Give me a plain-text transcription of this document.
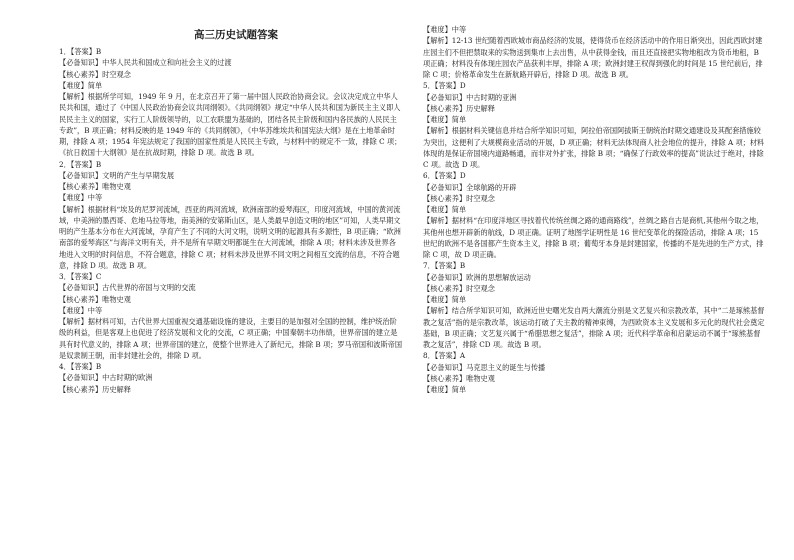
高三历史试题答案

1．【答案】B

【必备知识】中华人民共和国成立和向社会主义的过渡

【核心素养】时空观念

【难度】简单

【解析】根据所学可知，1949 年 9 月，在北京召开了第一届中国人民政治协商会议。会议决定成立中华人民共和国，通过了《中国人民政治协商会议共同纲领》。《共同纲领》规定“中华人民共和国为新民主主义即人民民主主义的国家，实行工人阶级领导的，以工农联盟为基础的，团结各民主阶级和国内各民族的人民民主专政”，B 项正确；材料反映的是 1949 年的《共同纲领》，《中华苏维埃共和国宪法大纲》是在土地革命时期，排除 A 项；1954 年宪法规定了我国的国家性质是人民民主专政，与材料中的规定不一致，排除 C 项；《抗日救国十大纲领》是在抗战时期，排除 D 项。故选 B 项。

2．【答案】B

【必备知识】文明的产生与早期发展

【核心素养】唯物史观

【难度】中等

【解析】根据材料“埃及的尼罗河流域，西亚的两河流域，欧洲南部的爱琴海区，印度河流域，中国的黄河流域，中美洲的墨西哥、危地马拉等地，南美洲的安第斯山区，是人类最早创造文明的地区”可知，人类早期文明的产生基本分布在大河流域，孕育产生了不同的大河文明，说明文明的起源具有多源性，B 项正确；“欧洲南部的爱琴海区”与海洋文明有关，并不是所有早期文明都诞生在大河流域，排除 A 项；材料未涉及世界各地进入文明的时间信息，不符合题意，排除 C 项；材料未涉及世界不同文明之间相互交流的信息，不符合题意，排除 D 项。故选 B 项。

3．【答案】C

【必备知识】古代世界的帝国与文明的交流

【核心素养】唯物史观

【难度】中等

【解析】据材料可知，古代世界大国重视交通基础设施的建设，主要目的是加强对全国的控制，维护统治阶级的利益，但是客观上也促进了经济发展和文化的交流，C 项正确；中国秦朝丰功伟绩，世界帝国的建立是具有时代意义的，排除 A 项；世界帝国的建立，使整个世界进入了新纪元，排除 B 项；罗马帝国和波斯帝国是奴隶制王朝，而非封建社会的，排除 D 项。

4．【答案】B

【必备知识】中古时期的欧洲

【核心素养】历史解释

【难度】中等

【解析】12-13 世纪随着西欧城市商品经济的发展，使得货币在经济活动中的作用日渐突出，因此西欧封建庄园主们不但把禁取来的实物送到集市上去出售，从中获得金钱，而且还直接把实物地租改为货币地租，B 项正确；材料没有体现庄园农产品获利丰厚，排除 A 项；欧洲封建王权得到强化的时间是 15 世纪前后，排除 C 项；价格革命发生在新航路开辟后，排除 D 项。故选 B 项。

5．【答案】D

【必备知识】中古时期的亚洲

【核心素养】历史解释

【难度】简单

【解析】根据材料关键信息并结合所学知识可知，阿拉伯帝国阿拔斯王朝统治时期交通建设及其配套措施较为突出，这便利了大规模商业活动的开展，D 项正确；材料无法体现商人社会地位的提升，排除 A 项；材料体现的是保证帝国境内道路畅通，而非对外扩张，排除 B 项；“确保了行政效率的提高”说法过于绝对，排除 C 项。故选 D 项。

6．【答案】D

【必备知识】全球航路的开辟

【核心素养】时空观念

【难度】简单

【解析】据材料“在印度洋地区寻找着代传统丝绸之路的通商路线”，丝绸之路自古是商机,其他州今取之地，其他州也想开辟新的航线，D 项正确。证明了地图学证明性是 16 世纪变革化的探险活动，排除 A 项；15 世纪的欧洲不是各国都产生资本主义，排除 B 项；葡萄牙本身是封建国家，传播的不是先进的生产方式，排除 C 项，故 D 项正确。

7．【答案】B

【必备知识】欧洲的思想解放运动

【核心素养】时空观念

【难度】简单

【解析】结合所学知识可知，欧洲近世史曙光发自两大潮流分别是文艺复兴和宗教改革，其中“二是琢熊基督教之复活”指的是宗教改革，该运动打破了天主教的精神束缚，为西欧资本主义发展和多元化的现代社会奠定基础，B 项正确；文艺复兴属于“希腊思想之复活”，排除 A 项；近代科学革命和启蒙运动不属于“琢熊基督教之复活”，排除 CD 项。故选 B 项。

8．【答案】A

【必备知识】马克思主义的诞生与传播

【核心素养】唯物史观

【难度】简单
